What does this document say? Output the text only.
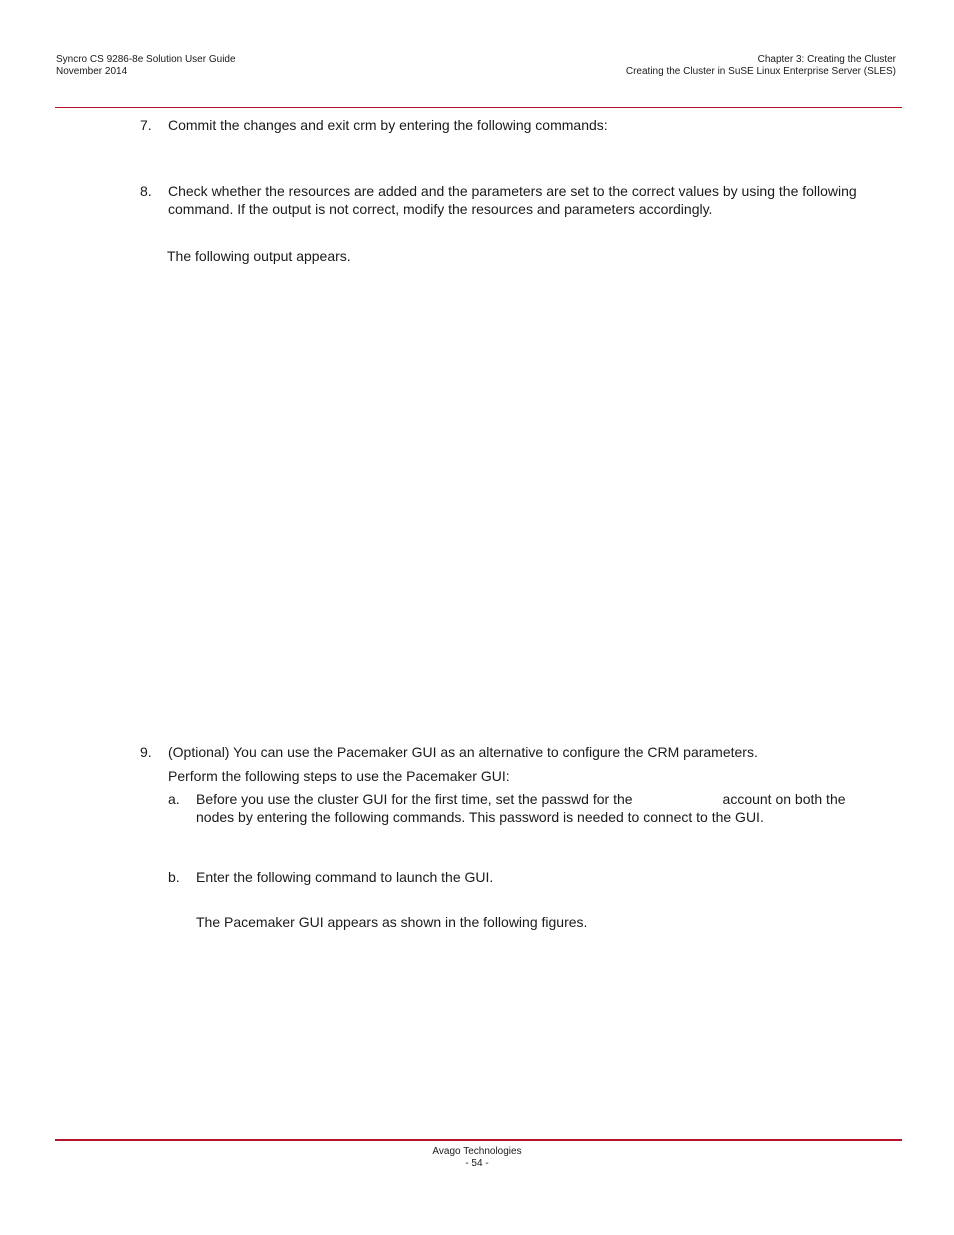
Syncro CS 9286-8e Solution User Guide
November 2014
Chapter 3: Creating the Cluster
Creating the Cluster in SuSE Linux Enterprise Server (SLES)
7. Commit the changes and exit crm by entering the following commands:
8. Check whether the resources are added and the parameters are set to the correct values by using the following
command. If the output is not correct, modify the resources and parameters accordingly.
The following output appears.
9. (Optional) You can use the Pacemaker GUI as an alternative to configure the CRM parameters.
Perform the following steps to use the Pacemaker GUI:
a. Before you use the cluster GUI for the first time, set the passwd for the	account on both the
nodes by entering the following commands. This password is needed to connect to the GUI.
b. Enter the following command to launch the GUI.
The Pacemaker GUI appears as shown in the following figures.
Avago Technologies
- 54 -
